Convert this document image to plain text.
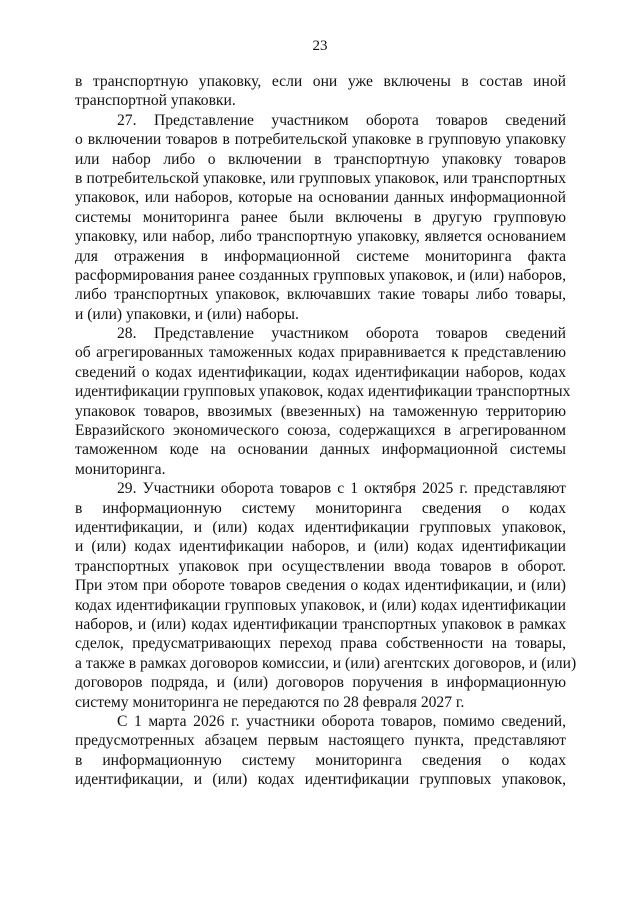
23
в транспортную упаковку, если они уже включены в состав иной
транспортной упаковки.
27. Представление участником оборота товаров сведений
о включении товаров в потребительской упаковке в групповую упаковку
или набор либо о включении в транспортную упаковку товаров
в потребительской упаковке, или групповых упаковок, или транспортных
упаковок, или наборов, которые на основании данных информационной
системы мониторинга ранее были включены в другую групповую
упаковку, или набор, либо транспортную упаковку, является основанием
для отражения в информационной системе мониторинга факта
расформирования ранее созданных групповых упаковок, и (или) наборов,
либо транспортных упаковок, включавших такие товары либо товары,
и (или) упаковки, и (или) наборы.
28. Представление участником оборота товаров сведений
об агрегированных таможенных кодах приравнивается к представлению
сведений о кодах идентификации, кодах идентификации наборов, кодах
идентификации групповых упаковок, кодах идентификации транспортных
упаковок товаров, ввозимых (ввезенных) на таможенную территорию
Евразийского экономического союза, содержащихся в агрегированном
таможенном коде на основании данных информационной системы
мониторинга.
29. Участники оборота товаров с 1 октября 2025 г. представляют
в информационную систему мониторинга сведения о кодах
идентификации, и (или) кодах идентификации групповых упаковок,
и (или) кодах идентификации наборов, и (или) кодах идентификации
транспортных упаковок при осуществлении ввода товаров в оборот.
При этом при обороте товаров сведения о кодах идентификации, и (или)
кодах идентификации групповых упаковок, и (или) кодах идентификации
наборов, и (или) кодах идентификации транспортных упаковок в рамках
сделок, предусматривающих переход права собственности на товары,
а также в рамках договоров комиссии, и (или) агентских договоров, и (или)
договоров подряда, и (или) договоров поручения в информационную
систему мониторинга не передаются по 28 февраля 2027 г.
С 1 марта 2026 г. участники оборота товаров, помимо сведений,
предусмотренных абзацем первым настоящего пункта, представляют
в информационную систему мониторинга сведения о кодах
идентификации, и (или) кодах идентификации групповых упаковок,
